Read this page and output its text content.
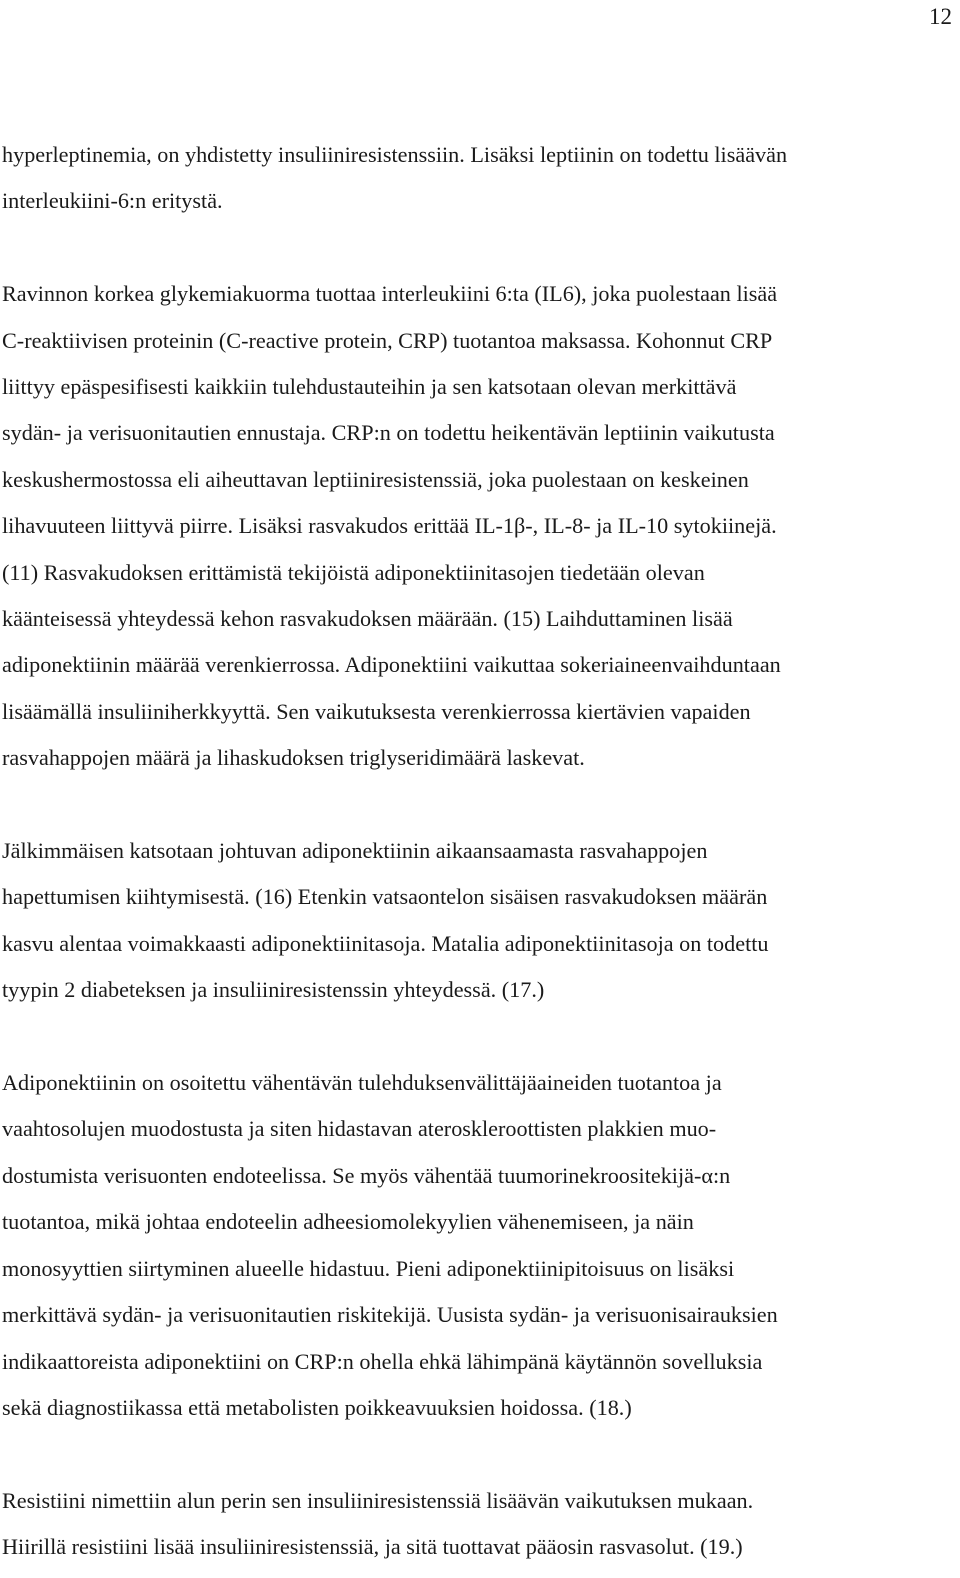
12

hyperleptinemia, on yhdistetty insuliiniresistenssiin. Lisäksi leptiinin on todettu lisäävän
interleukiini-6:n eritystä.

Ravinnon korkea glykemiakuorma tuottaa interleukiini 6:ta (IL6), joka puolestaan lisää
C-reaktiivisen proteinin (C-reactive protein, CRP) tuotantoa maksassa. Kohonnut CRP
liittyy epäspesifisesti kaikkiin tulehdustauteihin ja sen katsotaan olevan merkittävä
sydän- ja verisuonitautien ennustaja. CRP:n on todettu heikentävän leptiinin vaikutusta
keskushermostossa eli aiheuttavan leptiiniresistenssiä, joka puolestaan on keskeinen
lihavuuteen liittyvä piirre. Lisäksi rasvakudos erittää IL-1β-, IL-8- ja IL-10 sytokiinejä.
(11) Rasvakudoksen erittämistä tekijöistä adiponektiinitasojen tiedetään olevan
käänteisessä yhteydessä kehon rasvakudoksen määrään. (15) Laihduttaminen lisää
adiponektiinin määrää verenkierrossa. Adiponektiini vaikuttaa sokeriaineenvaihduntaan
lisäämällä insuliiniherkkyyttä. Sen vaikutuksesta verenkierrossa kiertävien vapaiden
rasvahappojen määrä ja lihaskudoksen triglyseridimäärä laskevat.

Jälkimmäisen katsotaan johtuvan adiponektiinin aikaansaamasta rasvahappojen
hapettumisen kiihtymisestä. (16) Etenkin vatsaontelon sisäisen rasvakudoksen määrän
kasvu alentaa voimakkaasti adiponektiinitasoja. Matalia adiponektiinitasoja on todettu
tyypin 2 diabeteksen ja insuliiniresistenssin yhteydessä. (17.)

Adiponektiinin on osoitettu vähentävän tulehduksenvälittäjäaineiden tuotantoa ja
vaahtosolujen muodostusta ja siten hidastavan ateroskleroottisten plakkien muo-
dostumista verisuonten endoteelissa. Se myös vähentää tuumorinekroositekijä-α:n
tuotantoa, mikä johtaa endoteelin adheesiomolekyylien vähenemiseen, ja näin
monosyyttien siirtyminen alueelle hidastuu. Pieni adiponektiinipitoisuus on lisäksi
merkittävä sydän- ja verisuonitautien riskitekijä. Uusista sydän- ja verisuonisairauksien
indikaattoreista adiponektiini on CRP:n ohella ehkä lähimpänä käytännön sovelluksia
sekä diagnostiikassa että metabolisten poikkeavuuksien hoidossa. (18.)

Resistiini nimettiin alun perin sen insuliiniresistenssiä lisäävän vaikutuksen mukaan.
Hiirillä resistiini lisää insuliiniresistenssiä, ja sitä tuottavat pääosin rasvasolut. (19.)
